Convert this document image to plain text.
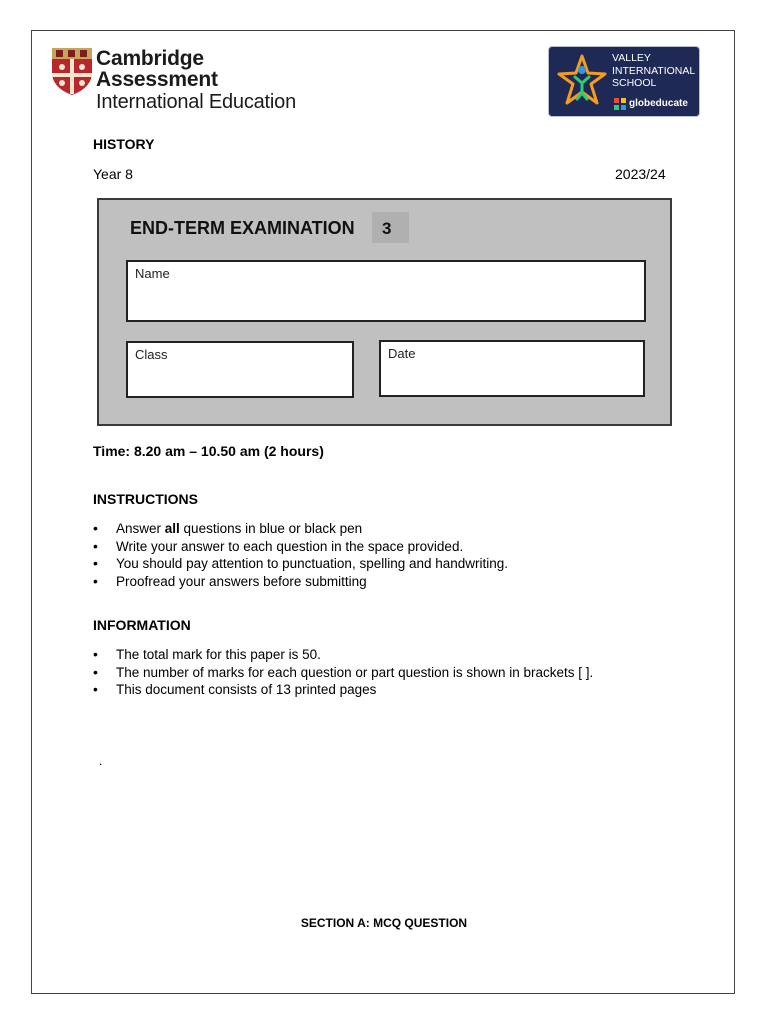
Cambridge Assessment
International Education
VALLEY
INTERNATIONAL
SCHOOL
globeducate
HISTORY
Year 8	2023/24
END-TERM EXAMINATION 3
Name
Class	Date
Time: 8.20 am – 10.50 am (2 hours)
INSTRUCTIONS
• Answer all questions in blue or black pen
• Write your answer to each question in the space provided.
• You should pay attention to punctuation, spelling and handwriting.
• Proofread your answers before submitting
INFORMATION
• The total mark for this paper is 50.
• The number of marks for each question or part question is shown in brackets [ ].
• This document consists of 13 printed pages
.
SECTION A: MCQ QUESTION
